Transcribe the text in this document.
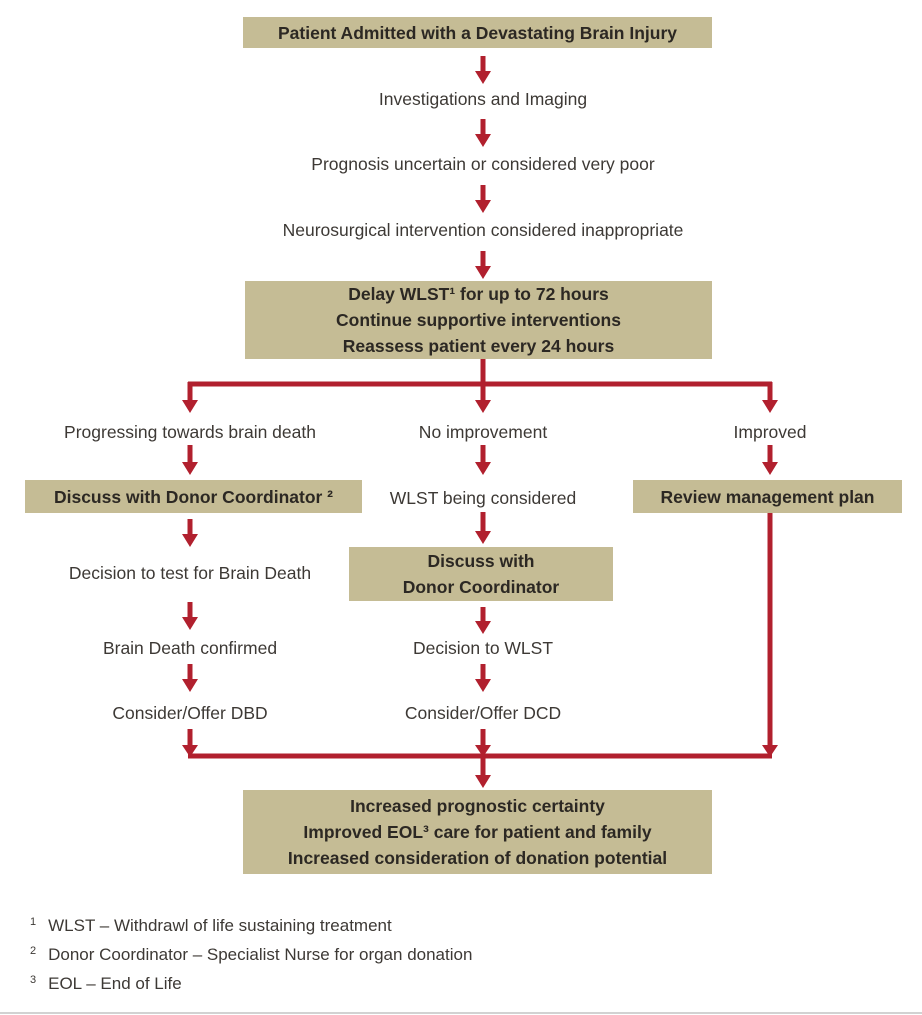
Patient Admitted with a Devastating Brain Injury
Investigations and Imaging
Prognosis uncertain or considered very poor
Neurosurgical intervention considered inappropriate
Delay WLST¹ for up to 72 hours
Continue supportive interventions
Reassess patient every 24 hours
Progressing towards brain death	No improvement	Improved
Discuss with Donor Coordinator ²	WLST being considered	Review management plan
Decision to test for Brain Death
Discuss with
Donor Coordinator
Brain Death confirmed	Decision to WLST
Consider/Offer DBD	Consider/Offer DCD
Increased prognostic certainty
Improved EOL³ care for patient and family
Increased consideration of donation potential
1 WLST – Withdrawl of life sustaining treatment
2 Donor Coordinator – Specialist Nurse for organ donation
3 EOL – End of Life
